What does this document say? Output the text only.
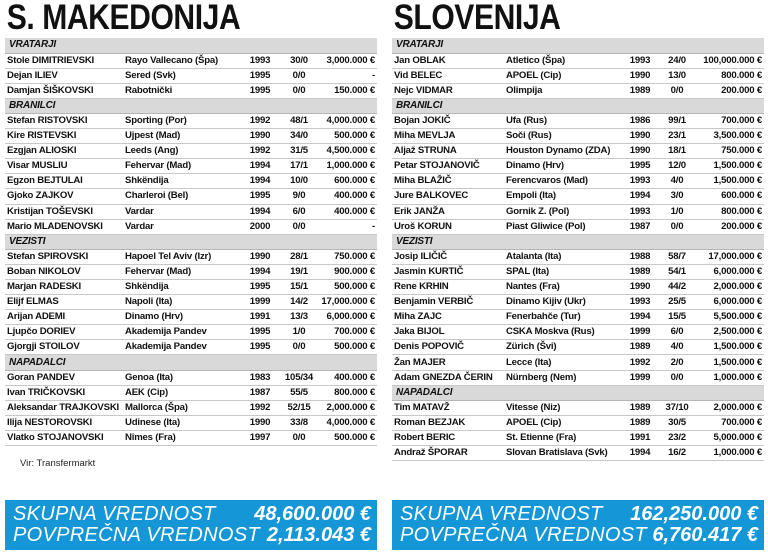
S. MAKEDONIJA
VRATARJI				
Stole DIMITRIEVSKI	Rayo Vallecano (Špa)	1993	30/0	3,000.000 €
Dejan ILIEV	Sered (Svk)	1995	0/0	-
Damjan ŠIŠKOVSKI	Rabotnički	1995	0/0	150.000 €
BRANILCI				
Stefan RISTOVSKI	Sporting (Por)	1992	48/1	4,000.000 €
Kire RISTEVSKI	Ujpest (Mad)	1990	34/0	500.000 €
Ezgjan ALIOSKI	Leeds (Ang)	1992	31/5	4,500.000 €
Visar MUSLIU	Fehervar (Mad)	1994	17/1	1,000.000 €
Egzon BEJTULAI	Shkëndija	1994	10/0	600.000 €
Gjoko ZAJKOV	Charleroi (Bel)	1995	9/0	400.000 €
Kristijan TOŠEVSKI	Vardar	1994	6/0	400.000 €
Mario MLADENOVSKI	Vardar	2000	0/0	-
VEZISTI				
Stefan SPIROVSKI	Hapoel Tel Aviv (Izr)	1990	28/1	750.000 €
Boban NIKOLOV	Fehervar (Mad)	1994	19/1	900.000 €
Marjan RADESKI	Shkëndija	1995	15/1	500.000 €
Elijf ELMAS	Napoli (Ita)	1999	14/2	17,000.000 €
Arijan ADEMI	Dinamo (Hrv)	1991	13/3	6,000.000 €
Ljupčo DORIEV	Akademija Pandev	1995	1/0	700.000 €
Gjorgji STOILOV	Akademija Pandev	1995	0/0	500.000 €
NAPADALCI				
Goran PANDEV	Genoa (Ita)	1983	105/34	400.000 €
Ivan TRIČKOVSKI	AEK (Cip)	1987	55/5	800.000 €
Aleksandar TRAJKOVSKI	Mallorca (Špa)	1992	52/15	2,000.000 €
Ilija NESTOROVSKI	Udinese (Ita)	1990	33/8	4,000.000 €
Vlatko STOJANOVSKI	Nîmes (Fra)	1997	0/0	500.000 €
SLOVENIJA
VRATARJI				
Jan OBLAK	Atletico (Špa)	1993	24/0	100,000.000 €
Vid BELEC	APOEL (Cip)	1990	13/0	800.000 €
Nejc VIDMAR	Olimpija	1989	0/0	200.000 €
BRANILCI				
Bojan JOKIČ	Ufa (Rus)	1986	99/1	700.000 €
Miha MEVLJA	Soči (Rus)	1990	23/1	3,500.000 €
Aljaž STRUNA	Houston Dynamo (ZDA)	1990	18/1	750.000 €
Petar STOJANOVIČ	Dinamo (Hrv)	1995	12/0	1,500.000 €
Miha BLAŽIČ	Ferencvaros (Mad)	1993	4/0	1,500.000 €
Jure BALKOVEC	Empoli (Ita)	1994	3/0	600.000 €
Erik JANŽA	Gornik Z. (Pol)	1993	1/0	800.000 €
Uroš KORUN	Piast Gliwice (Pol)	1987	0/0	200.000 €
VEZISTI				
Josip ILIČIČ	Atalanta (Ita)	1988	58/7	17,000.000 €
Jasmin KURTIČ	SPAL (Ita)	1989	54/1	6,000.000 €
Rene KRHIN	Nantes (Fra)	1990	44/2	2,000.000 €
Benjamin VERBIČ	Dinamo Kijiv (Ukr)	1993	25/5	6,000.000 €
Miha ZAJC	Fenerbahče (Tur)	1994	15/5	5,500.000 €
Jaka BIJOL	CSKA Moskva (Rus)	1999	6/0	2,500.000 €
Denis POPOVIČ	Zürich (Švi)	1989	4/0	1,500.000 €
Žan MAJER	Lecce (Ita)	1992	2/0	1,500.000 €
Adam GNEZDA ČERIN	Nürnberg (Nem)	1999	0/0	1,000.000 €
NAPADALCI				
Tim MATAVŽ	Vitesse (Niz)	1989	37/10	2,000.000 €
Roman BEZJAK	APOEL (Cip)	1989	30/5	700.000 €
Robert BERIC	St. Etienne (Fra)	1991	23/2	5,000.000 €
Andraž ŠPORAR	Slovan Bratislava (Svk)	1994	16/2	1,000.000 €
Vir: Transfermarkt
SKUPNA VREDNOST 48,600.000 €
POVPREČNA VREDNOST 2,113.043 €
SKUPNA VREDNOST 162,250.000 €
POVPREČNA VREDNOST 6,760.417 €
